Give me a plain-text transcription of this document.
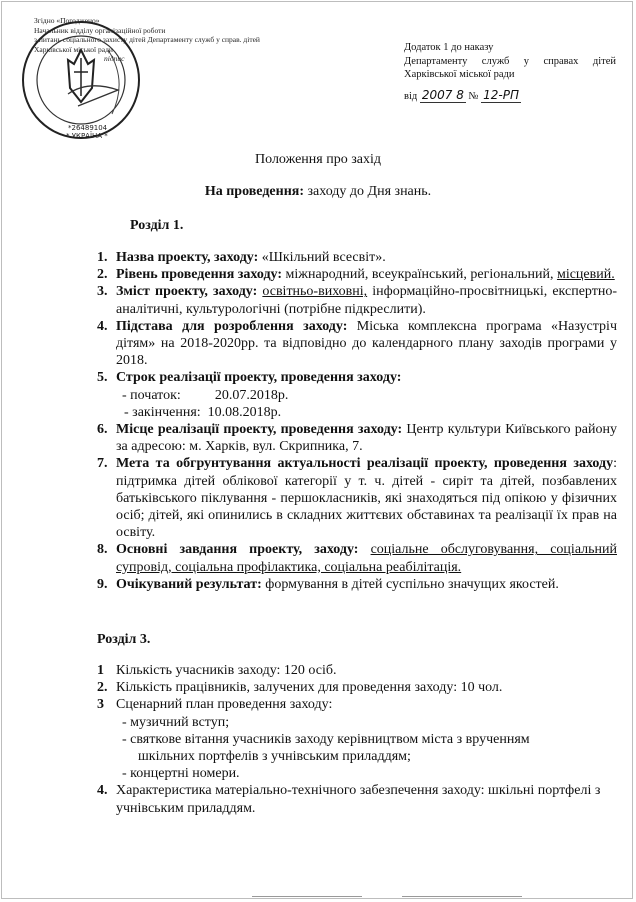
*26489104
* УКРАЇНА *
Згідно «Погоджено»
Начальник відділу організаційної роботи
з питань соціального захисту дітей Департаменту служб у справ. дітей
Харківської міської ради
підпис
Додаток 1 до наказу
Департаменту служб у справах дітей
Харківської міської ради
від 2007 8 № 12-РП
Положення про захід
На проведення: заходу до Дня знань.
Розділ 1.
1. Назва проекту, заходу: «Шкільний всесвіт».
2. Рівень проведення заходу: міжнародний, всеукраїнський, регіональний, місцевий.
3. Зміст проекту, заходу: освітньо-виховні, інформаційно-просвітницькі, експертно-аналітичні, культурологічні (потрібне підкреслити).
4. Підстава для розроблення заходу: Міська комплексна програма «Назустріч дітям» на 2018-2020рр. та відповідно до календарного плану заходів програми у 2018.
5. Строк реалізації проекту, проведення заходу:
- початок: 20.07.2018р.
- закінчення: 10.08.2018р.
6. Місце реалізації проекту, проведення заходу: Центр культури Київського району за адресою: м. Харків, вул. Скрипника, 7.
7. Мета та обгрунтування актуальності реалізації проекту, проведення заходу: підтримка дітей облікової категорії у т. ч. дітей - сиріт та дітей, позбавлених батьківського піклування - першокласників, які знаходяться під опікою у фізичних осіб; дітей, які опинились в складних життєвих обставинах та реалізації їх прав на освіту.
8. Основні завдання проекту, заходу: соціальне обслуговування, соціальний супровід, соціальна профілактика, соціальна реабілітація.
9. Очікуваний результат: формування в дітей суспільно значущих якостей.
Розділ 3.
1 Кількість учасників заходу: 120 осіб.
2. Кількість працівників, залучених для проведення заходу: 10 чол.
3 Сценарний план проведення заходу:
- музичний вступ;
- святкове вітання учасників заходу керівництвом міста з врученням
шкільних портфелів з учнівським приладдям;
- концертні номери.
4. Характеристика матеріально-технічного забезпечення заходу: шкільні портфелі з учнівським приладдям.
